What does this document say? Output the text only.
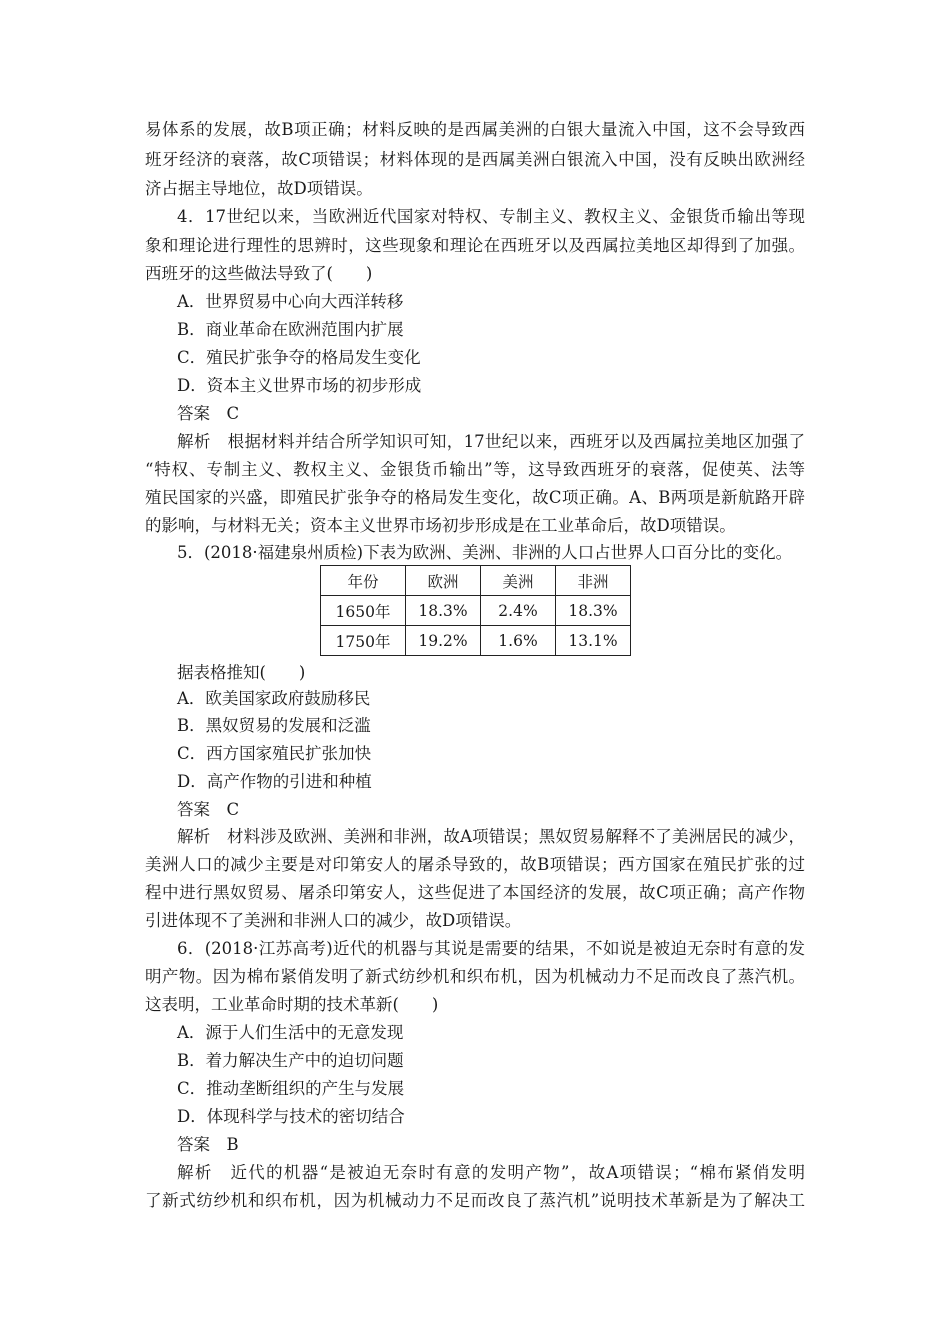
易体系的发展，故B项正确；材料反映的是西属美洲的白银大量流入中国，这不会导致西
班牙经济的衰落，故C项错误；材料体现的是西属美洲白银流入中国，没有反映出欧洲经
济占据主导地位，故D项错误。
4．17世纪以来，当欧洲近代国家对特权、专制主义、教权主义、金银货币输出等现
象和理论进行理性的思辨时，这些现象和理论在西班牙以及西属拉美地区却得到了加强。
西班牙的这些做法导致了(　　)
A．世界贸易中心向大西洋转移
B．商业革命在欧洲范围内扩展
C．殖民扩张争夺的格局发生变化
D．资本主义世界市场的初步形成
答案　C
解析　根据材料并结合所学知识可知，17世纪以来，西班牙以及西属拉美地区加强了
“特权、专制主义、教权主义、金银货币输出”等，这导致西班牙的衰落，促使英、法等
殖民国家的兴盛，即殖民扩张争夺的格局发生变化，故C项正确。A、B两项是新航路开辟
的影响，与材料无关；资本主义世界市场初步形成是在工业革命后，故D项错误。
5．(2018·福建泉州质检)下表为欧洲、美洲、非洲的人口占世界人口百分比的变化。
年份	欧洲	美洲	非洲
1650年	18.3%	2.4%	18.3%
1750年	19.2%	1.6%	13.1%
据表格推知(　　)
A．欧美国家政府鼓励移民
B．黑奴贸易的发展和泛滥
C．西方国家殖民扩张加快
D．高产作物的引进和种植
答案　C
解析　材料涉及欧洲、美洲和非洲，故A项错误；黑奴贸易解释不了美洲居民的减少，
美洲人口的减少主要是对印第安人的屠杀导致的，故B项错误；西方国家在殖民扩张的过
程中进行黑奴贸易、屠杀印第安人，这些促进了本国经济的发展，故C项正确；高产作物
引进体现不了美洲和非洲人口的减少，故D项错误。
6．(2018·江苏高考)近代的机器与其说是需要的结果，不如说是被迫无奈时有意的发
明产物。因为棉布紧俏发明了新式纺纱机和织布机，因为机械动力不足而改良了蒸汽机。
这表明，工业革命时期的技术革新(　　)
A．源于人们生活中的无意发现
B．着力解决生产中的迫切问题
C．推动垄断组织的产生与发展
D．体现科学与技术的密切结合
答案　B
解析　近代的机器“是被迫无奈时有意的发明产物”，故A项错误；“棉布紧俏发明
了新式纺纱机和织布机，因为机械动力不足而改良了蒸汽机”说明技术革新是为了解决工
